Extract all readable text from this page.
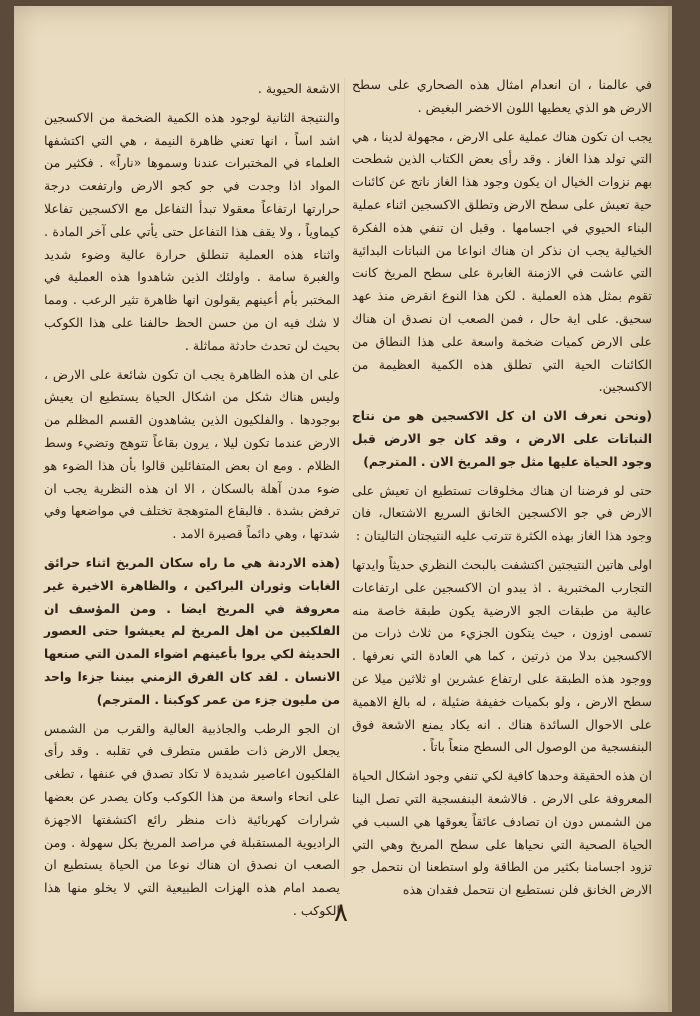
في عالمنا ، ان انعدام امثال هذه الصحاري على سطح الارض هو الذي يعطيها اللون الاخضر البغيض .

يجب ان تكون هناك عملية على الارض ، مجهولة لدينا ، هي التي تولد هذا الغاز . وقد رأى بعض الكتاب الذين شطحت بهم نزوات الخيال ان يكون وجود هذا الغاز ناتج عن كائنات حية تعيش على سطح الارض وتطلق الاكسجين اثناء عملية البناء الحيوي في اجسامها . وقبل ان تنفي هذه الفكرة الخيالية يجب ان نذكر ان هناك انواعا من النباتات البدائية التي عاشت في الازمنة الغابرة على سطح المريخ كانت تقوم بمثل هذه العملية . لكن هذا النوع انقرض منذ عهد سحيق. على اية حال ، فمن الصعب ان نصدق ان هناك على الارض كميات ضخمة واسعة على هذا النطاق من الكائنات الحية التي تطلق هذه الكمية العظيمة من الاكسجين.

(ونحن نعرف الان ان كل الاكسجين هو من نتاج النباتات على الارض ، وقد كان جو الارض قبل وجود الحياة عليها مثل جو المريخ الان . المترجم)

حتى لو فرضنا ان هناك مخلوقات تستطيع ان تعيش على الارض في جو الاكسجين الخانق السريع الاشتعال، فان وجود هذا الغاز بهذه الكثرة تترتب عليه النتيجتان التاليتان :

اولى هاتين النتيجتين اكتشفت بالبحث النظري حديثاً وايدتها التجارب المختبرية . اذ يبدو ان الاكسجين على ارتفاعات عالية من طبقات الجو الارضية يكون طبقة خاصة منه تسمى اوزون ، حيث يتكون الجزيء من ثلاث ذرات من الاكسجين بدلا من ذرتين ، كما هي العادة التي نعرفها . ووجود هذه الطبقة على ارتفاع عشرين او ثلاثين ميلا عن سطح الارض ، ولو بكميات خفيفة ضئيلة ، له بالغ الاهمية على الاحوال السائدة هناك . انه يكاد يمنع الاشعة فوق البنفسجية من الوصول الى السطح منعاً باتاً .

ان هذه الحقيقة وحدها كافية لكي تنفي وجود اشكال الحياة المعروفة على الارض . فالاشعة البنفسجية التي تصل الينا من الشمس دون ان تصادف عائقاً يعوقها هي السبب في الحياة الصحية التي نحياها على سطح المريخ وهي التي تزود اجسامنا بكثير من الطاقة ولو استطعنا ان نتحمل جو الارض الخانق فلن نستطيع ان نتحمل فقدان هذه

الاشعة الحيوية .

والنتيجة الثانية لوجود هذه الكمية الضخمة من الاكسجين اشد اساً ، انها تعني ظاهرة النيمة ، هي التي اكتشفها العلماء في المختبرات عندنا وسموها «ناراً» . فكثير من المواد اذا وجدت في جو كجو الارض وارتفعت درجة حرارتها ارتفاعاً معقولا تبدأ التفاعل مع الاكسجين تفاعلا كيماوياً ، ولا يقف هذا التفاعل حتى يأتي على آخر المادة . واثناء هذه العملية تنطلق حرارة عالية وضوء شديد والغبرة سامة . واولئك الذين شاهدوا هذه العملية في المختبر بأم أعينهم يقولون انها ظاهرة تثير الرعب . ومما لا شك فيه ان من حسن الحظ حالفنا على هذا الكوكب بحيث لن تحدث حادثة مماثلة .

على ان هذه الظاهرة يجب ان تكون شائعة على الارض ، وليس هناك شكل من اشكال الحياة يستطيع ان يعيش بوجودها . والفلكيون الذين يشاهدون القسم المظلم من الارض عندما تكون ليلا ، يرون بقاعاً تتوهج وتضيء وسط الظلام . ومع ان بعض المتفائلين قالوا بأن هذا الضوء هو ضوء مدن آهلة بالسكان ، الا ان هذه النظرية يجب ان ترفض بشدة . فالبقاع المتوهجة تختلف في مواضعها وفي شدتها ، وهي دائماً قصيرة الامد .

(هذه الاردنة هي ما راه سكان المريخ اثناء حرائق الغابات وثوران البراكين ، والظاهرة الاخيرة غير معروفة في المريخ ايضا . ومن المؤسف ان الفلكيين من اهل المريخ لم يعيشوا حتى العصور الحديثة لكي يروا بأعينهم اضواء المدن التي صنعها الانسان . لقد كان الفرق الزمني بيننا جزءا واحد من مليون جزء من عمر كوكبنا . المترجم)

ان الجو الرطب والجاذبية العالية والقرب من الشمس يجعل الارض ذات طقس متطرف في تقلبه . وقد رأى الفلكيون اعاصير شديدة لا تكاد تصدق في عنفها ، تطغى على انحاء واسعة من هذا الكوكب وكان يصدر عن بعضها شرارات كهربائية ذات منظر رائع اكتشفتها الاجهزة الراديوية المستقبلة في مراصد المريخ بكل سهولة . ومن الصعب ان نصدق ان هناك نوعا من الحياة يستطيع ان يصمد امام هذه الهزات الطبيعية التي لا يخلو منها هذا الكوكب .

٨
